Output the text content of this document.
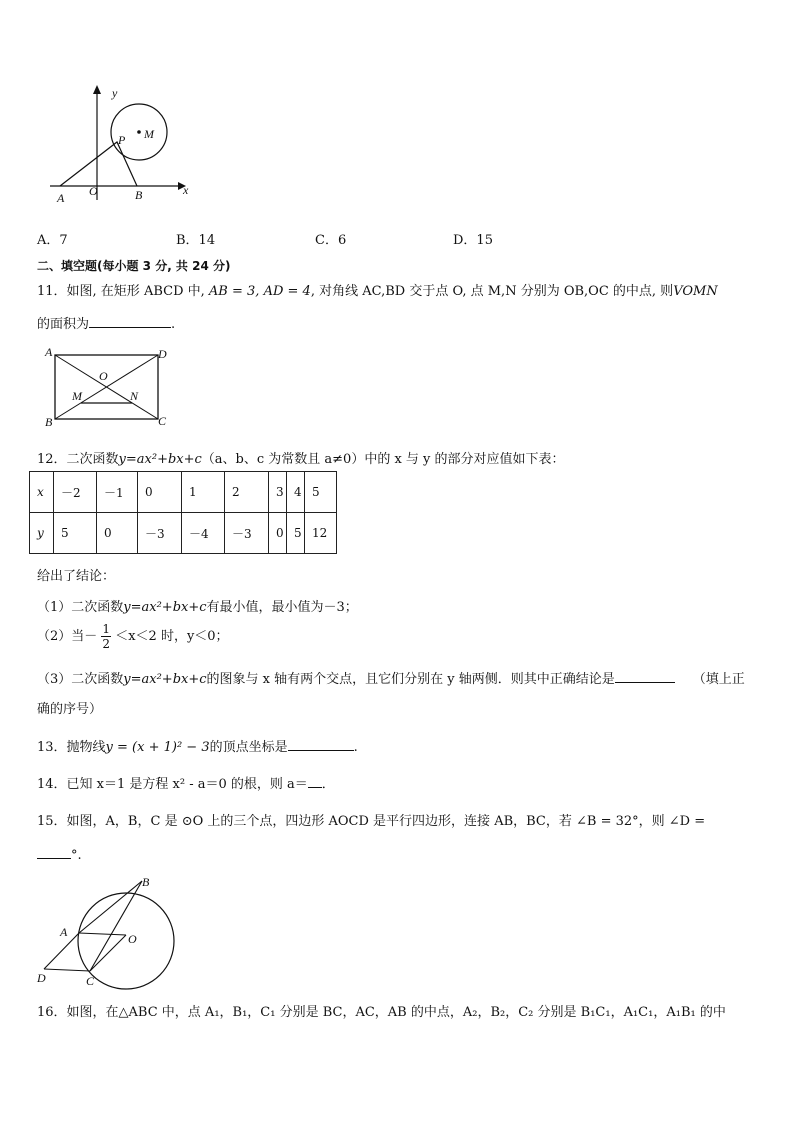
y
x
P M
A O	B
A．7	B．14	C．6	D．15
二、填空题(每小题 3 分, 共 24 分)
11．如图, 在矩形 ABCD 中, AB = 3, AD = 4, 对角线 AC,BD 交于点 O, 点 M,N 分别为 OB,OC 的中点, 则VOMN
的面积为	.
A	D
O
M	N
B	C
12．二次函数y=ax²+bx+c（a、b、c 为常数且 a≠0）中的 x 与 y 的部分对应值如下表：
x	－2	－1	0	1	2	3	4	5
y	5	0	－3	－4	－3	0	5	12
给出了结论：
（1）二次函数y=ax²+bx+c有最小值，最小值为－3；
（2）当－ $\frac{1}{2} <x<2$ 时，y＜0；
（3）二次函数y=ax²+bx+c的图象与 x 轴有两个交点，且它们分别在 y 轴两侧．则其中正确结论是	（填上正
确的序号）
13．抛物线y = (x + 1)² − 3的顶点坐标是	.
14．已知 x＝1 是方程 x² - a＝0 的根，则 a＝ ．
15．如图，A，B，C 是 ⊙O 上的三个点，四边形 AOCD 是平行四边形，连接 AB，BC，若 ∠B = 32°，则 ∠D =
°.
B
A	O
D	C
16．如图，在△ABC 中，点 A₁，B₁，C₁ 分别是 BC，AC，AB 的中点，A₂，B₂，C₂ 分别是 B₁C₁，A₁C₁，A₁B₁ 的中
